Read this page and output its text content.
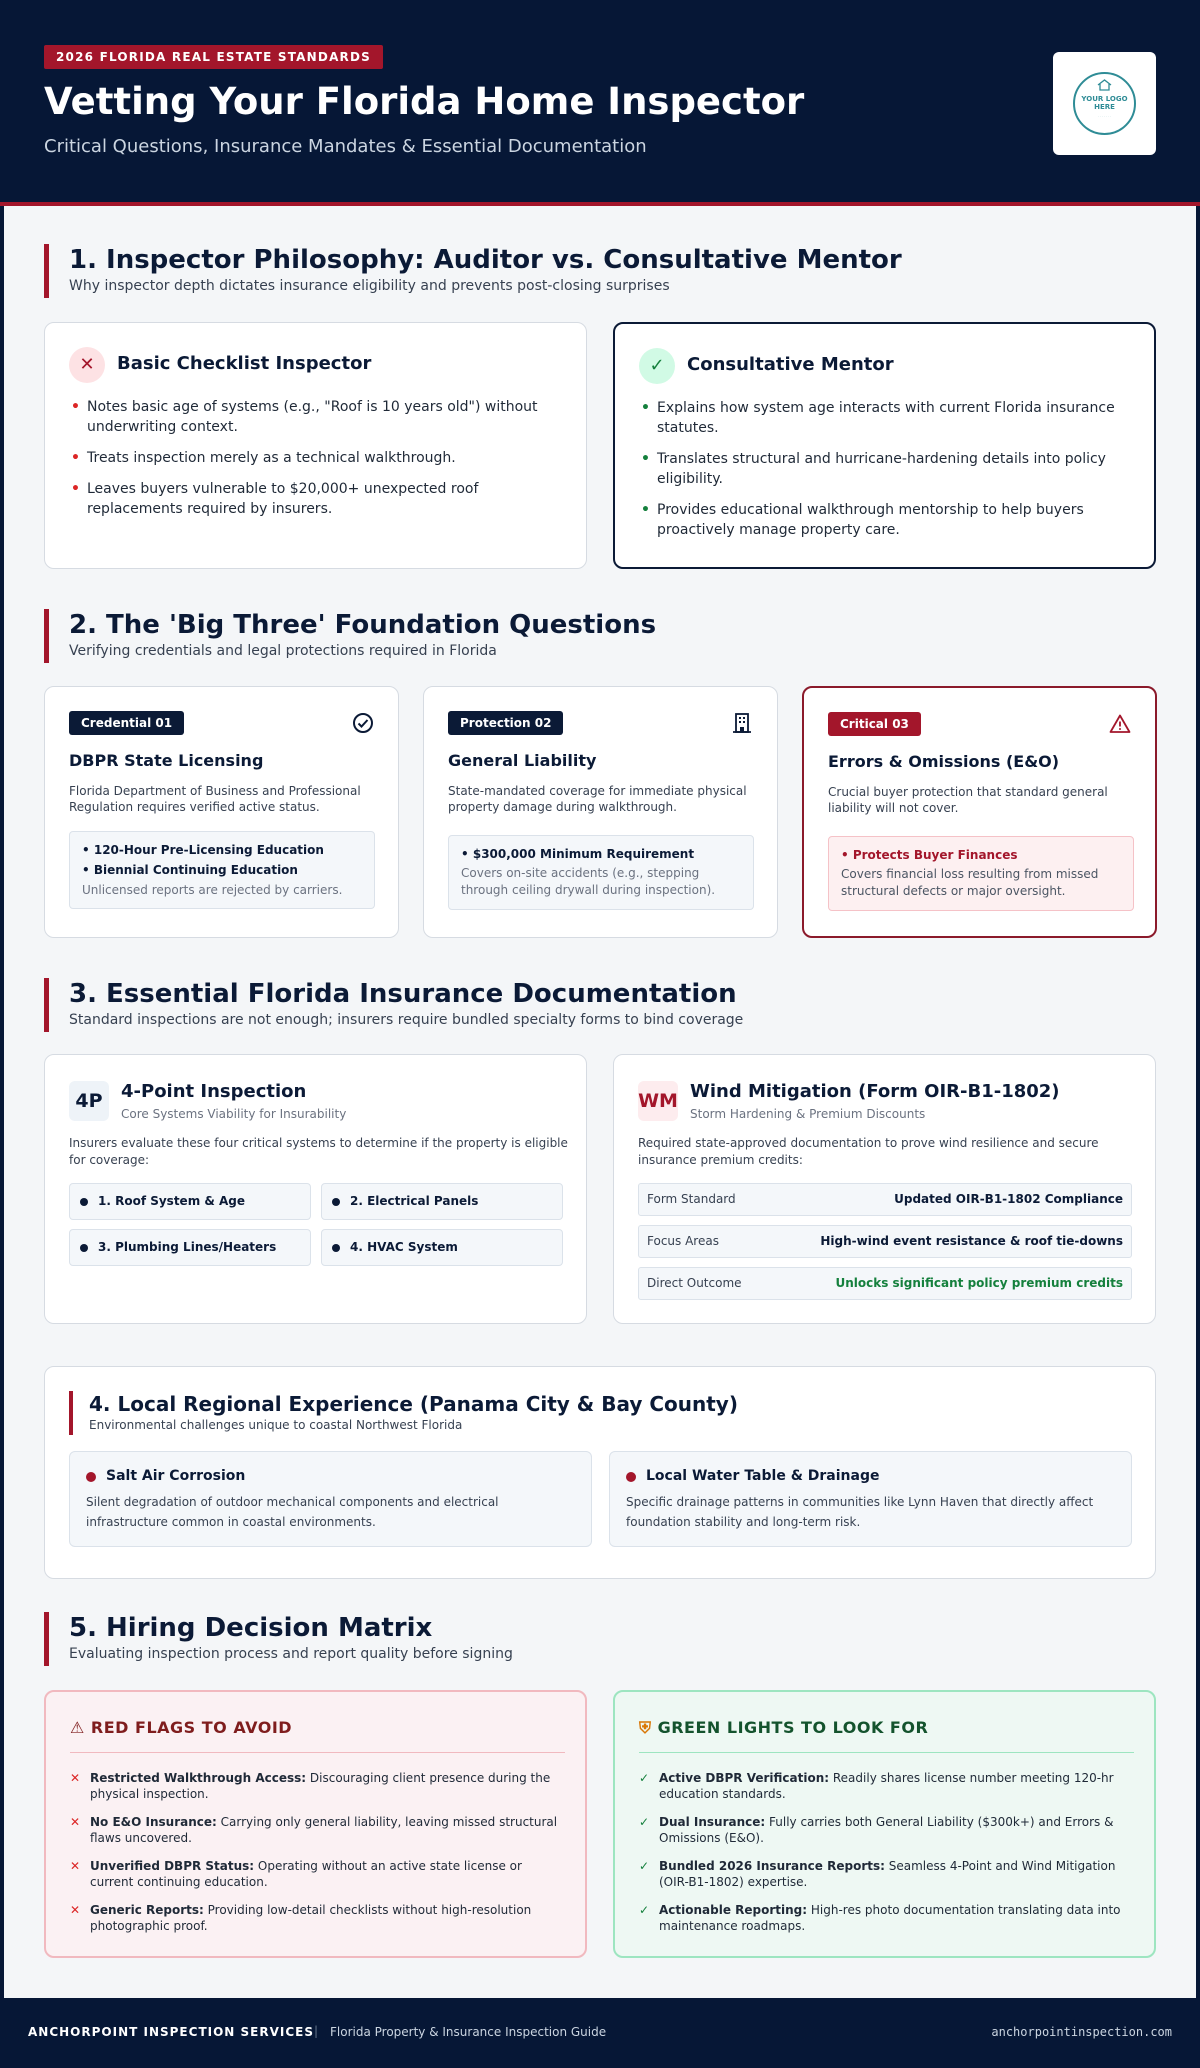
2026 FLORIDA REAL ESTATE STANDARDS
Vetting Your Florida Home Inspector
Critical Questions, Insurance Mandates & Essential Documentation
YOUR LOGO HERE
· · · · · · ·
1. Inspector Philosophy: Auditor vs. Consultative Mentor

Why inspector depth dictates insurance eligibility and prevents post-closing surprises

✕	Basic Checklist Inspector
• Notes basic age of systems (e.g., "Roof is 10 years old") without underwriting context.
• Treats inspection merely as a technical walkthrough.
• Leaves buyers vulnerable to $20,000+ unexpected roof replacements required by insurers.
✓	Consultative Mentor
• Explains how system age interacts with current Florida insurance statutes.
• Translates structural and hurricane-hardening details into policy eligibility.
• Provides educational walkthrough mentorship to help buyers proactively manage property care.
2. The 'Big Three' Foundation Questions

Verifying credentials and legal protections required in Florida

Credential 01
DBPR State Licensing
Florida Department of Business and Professional Regulation requires verified active status.
• 120-Hour Pre-Licensing Education
• Biennial Continuing Education
Unlicensed reports are rejected by carriers.
Protection 02
General Liability
State-mandated coverage for immediate physical property damage during walkthrough.
• $300,000 Minimum Requirement
Covers on-site accidents (e.g., stepping through ceiling drywall during inspection).
Critical 03
Errors & Omissions (E&O)
Crucial buyer protection that standard general liability will not cover.
• Protects Buyer Finances
Covers financial loss resulting from missed structural defects or major oversight.
3. Essential Florida Insurance Documentation

Standard inspections are not enough; insurers require bundled specialty forms to bind coverage

4P	4-Point Inspection
Core Systems Viability for Insurability
Insurers evaluate these four critical systems to determine if the property is eligible for coverage:
1. Roof System & Age	2. Electrical Panels
3. Plumbing Lines/Heaters	4. HVAC System
WM Wind Mitigation (Form OIR-B1-1802)
Storm Hardening & Premium Discounts
Required state-approved documentation to prove wind resilience and secure insurance premium credits:
Form Standard	Updated OIR-B1-1802 Compliance
Focus Areas	High-wind event resistance & roof tie-downs
Direct Outcome	Unlocks significant policy premium credits
4. Local Regional Experience (Panama City & Bay County)

Environmental challenges unique to coastal Northwest Florida

Salt Air Corrosion
Silent degradation of outdoor mechanical components and electrical infrastructure common in coastal environments.
Local Water Table & Drainage
Specific drainage patterns in communities like Lynn Haven that directly affect foundation stability and long-term risk.
5. Hiring Decision Matrix

Evaluating inspection process and report quality before signing

⚠ RED FLAGS TO AVOID
✕ Restricted Walkthrough Access: Discouraging client presence during the physical inspection.
✕ No E&O Insurance: Carrying only general liability, leaving missed structural flaws uncovered.
✕ Unverified DBPR Status: Operating without an active state license or current continuing education.
✕ Generic Reports: Providing low-detail checklists without high-resolution photographic proof.
⛨ GREEN LIGHTS TO LOOK FOR
✓ Active DBPR Verification: Readily shares license number meeting 120-hr education standards.
✓ Dual Insurance: Fully carries both General Liability ($300k+) and Errors & Omissions (E&O).
✓ Bundled 2026 Insurance Reports: Seamless 4-Point and Wind Mitigation (OIR-B1-1802) expertise.
✓ Actionable Reporting: High-res photo documentation translating data into maintenance roadmaps.
ANCHORPOINT INSPECTION SERVICES | Florida Property & Insurance Inspection Guide	anchorpointinspection.com
